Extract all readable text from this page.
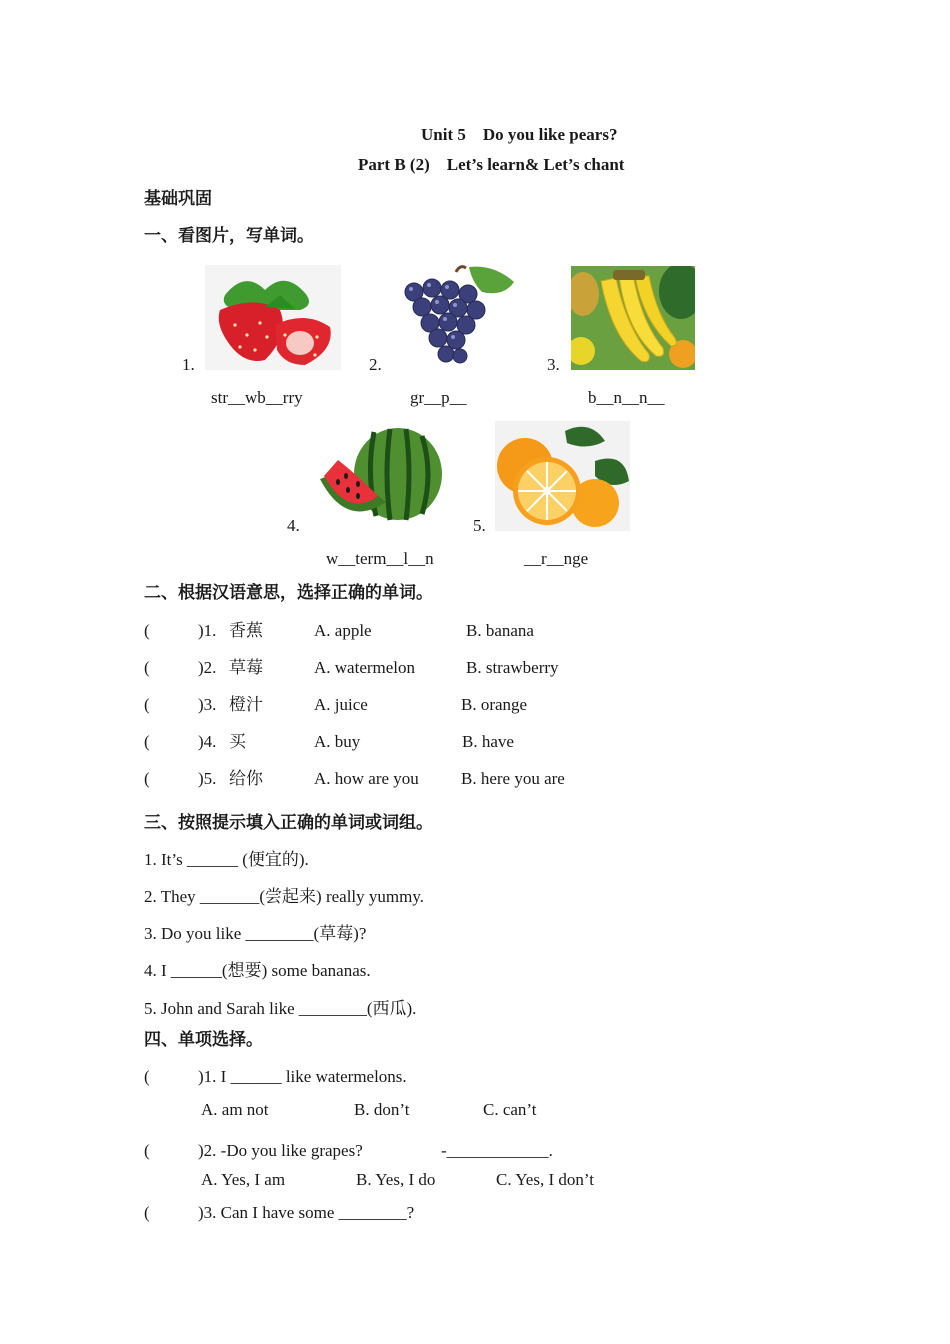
Unit 5    Do you like pears?
Part B (2)    Let’s learn& Let’s chant
基础巩固
一、看图片，写单词。
1.
str__wb__rry
2.
gr__p__
3.
b__n__n__
4.
w__term__l__n
5.
__r__nge
二、根据汉语意思，选择正确的单词。
(	)1. 香蕉	A. apple	B. banana
(	)2. 草莓	A. watermelon	B. strawberry
(	)3. 橙汁	A. juice	B. orange
(	)4. 买	A. buy	B. have
(	)5. 给你	A. how are you B. here you are
三、按照提示填入正确的单词或词组。
1. It’s ______ (便宜的).
2. They _______(尝起来) really yummy.
3. Do you like ________(草莓)?
4. I ______(想要) some bananas.
5. John and Sarah like ________(西瓜).
四、单项选择。
(	)1. I ______ like watermelons.
A. am not	B. don’t	C. can’t
(	)2. -Do you like grapes?	-____________.
A. Yes, I am	B. Yes, I do	C. Yes, I don’t
(	)3. Can I have some ________?
